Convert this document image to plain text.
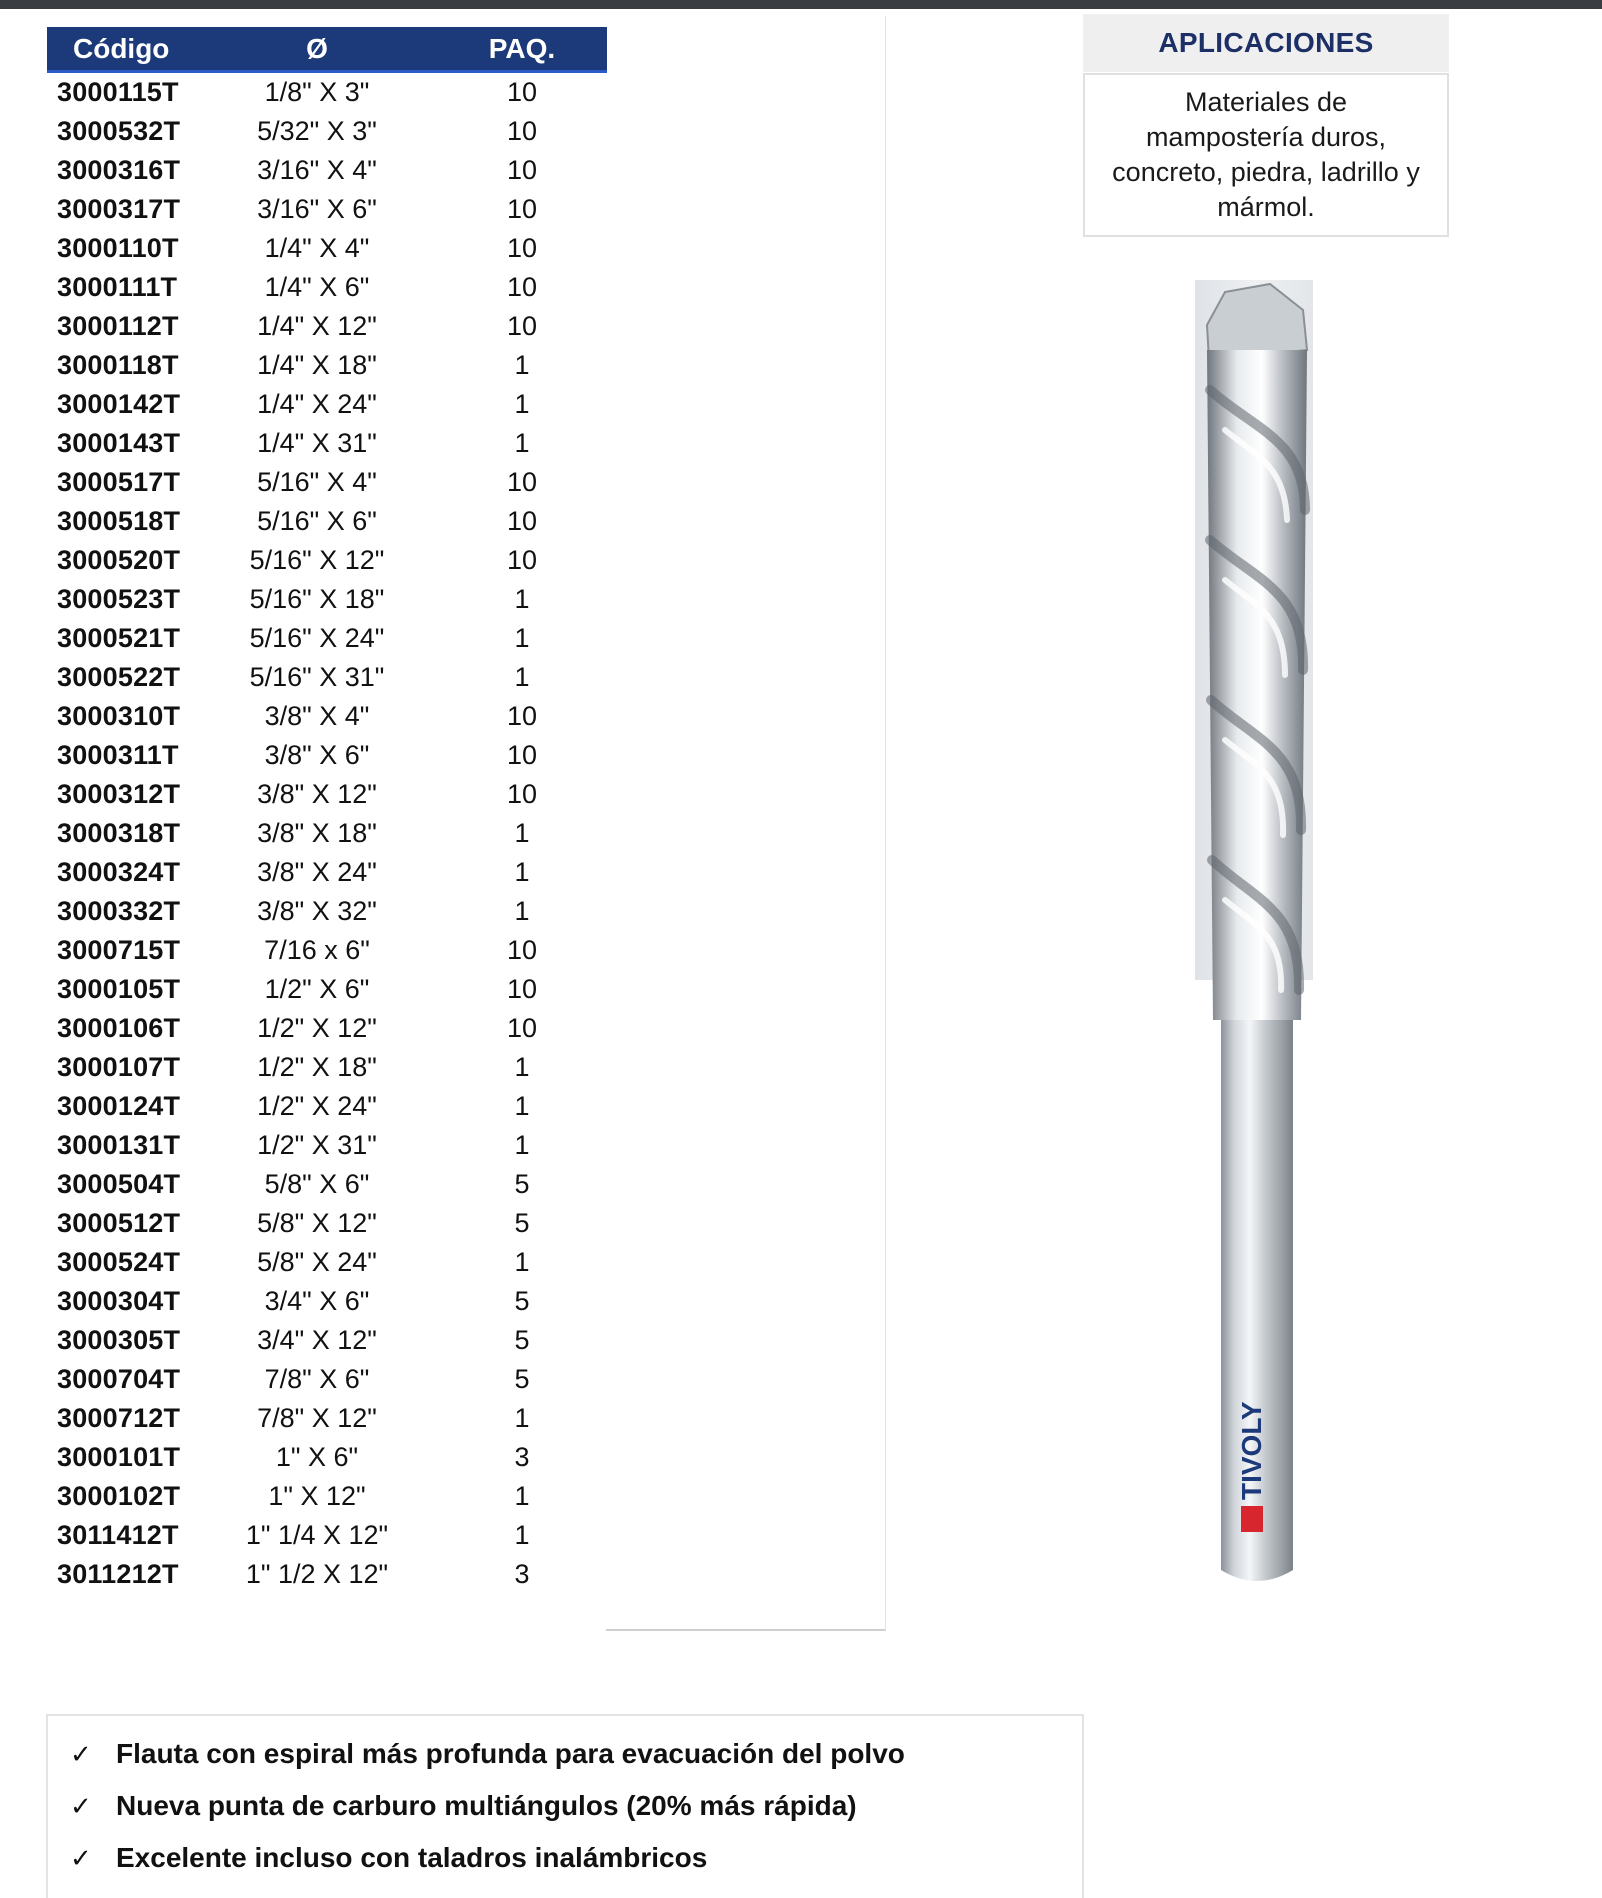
Código	Ø	PAQ.
3000115T	1/8" X 3"	10
3000532T	5/32" X 3"	10
3000316T	3/16" X 4"	10
3000317T	3/16" X 6"	10
3000110T	1/4" X 4"	10
3000111T	1/4" X 6"	10
3000112T	1/4" X 12"	10
3000118T	1/4" X 18"	1
3000142T	1/4" X 24"	1
3000143T	1/4" X 31"	1
3000517T	5/16" X 4"	10
3000518T	5/16" X 6"	10
3000520T	5/16" X 12"	10
3000523T	5/16" X 18"	1
3000521T	5/16" X 24"	1
3000522T	5/16" X 31"	1
3000310T	3/8" X 4"	10
3000311T	3/8" X 6"	10
3000312T	3/8" X 12"	10
3000318T	3/8" X 18"	1
3000324T	3/8" X 24"	1
3000332T	3/8" X 32"	1
3000715T	7/16 x 6"	10
3000105T	1/2" X 6"	10
3000106T	1/2" X 12"	10
3000107T	1/2" X 18"	1
3000124T	1/2" X 24"	1
3000131T	1/2" X 31"	1
3000504T	5/8" X 6"	5
3000512T	5/8" X 12"	5
3000524T	5/8" X 24"	1
3000304T	3/4" X 6"	5
3000305T	3/4" X 12"	5
3000704T	7/8" X 6"	5
3000712T	7/8" X 12"	1
3000101T	1" X 6"	3
3000102T	1" X 12"	1
3011412T	1" 1/4 X 12"	1
3011212T	1" 1/2 X 12"	3
APLICACIONES
Materiales de mampostería duros, concreto, piedra, ladrillo y mármol.
TIVOLY
✓ Flauta con espiral más profunda para evacuación del polvo
✓ Nueva punta de carburo multiángulos (20% más rápida)
✓ Excelente incluso con taladros inalámbricos
